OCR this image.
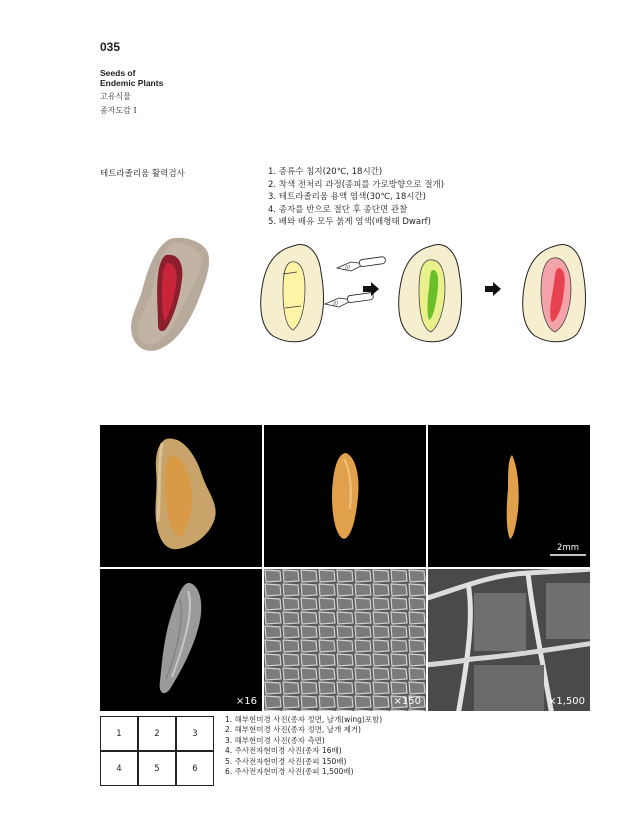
035
Seeds of
Endemic Plants
고유식물
종자도감 Ⅰ
테트라졸리움 활력검사	1. 증류수 침지(20℃, 18시간)
2. 착색 전처리 과정(종피를 가로방향으로 절개)
3. 테트라졸리움 용액 염색(30℃, 18시간)
4. 종자를 반으로 절단 후 종단면 관찰
5. 배와 배유 모두 붉게 염색(배형태 Dwarf)
///
///
2mm
×16	×150	×1,500
1	2	3
4	5	6
1. 해부현미경 사진(종자 정면, 날개(wing)포함)
2. 해부현미경 사진(종자 정면, 날개 제거)
3. 해부현미경 사진(종자 측면)
4. 주사전자현미경 사진(종자 16배)
5. 주사전자현미경 사진(종피 150배)
6. 주사전자현미경 사진(종피 1,500배)
